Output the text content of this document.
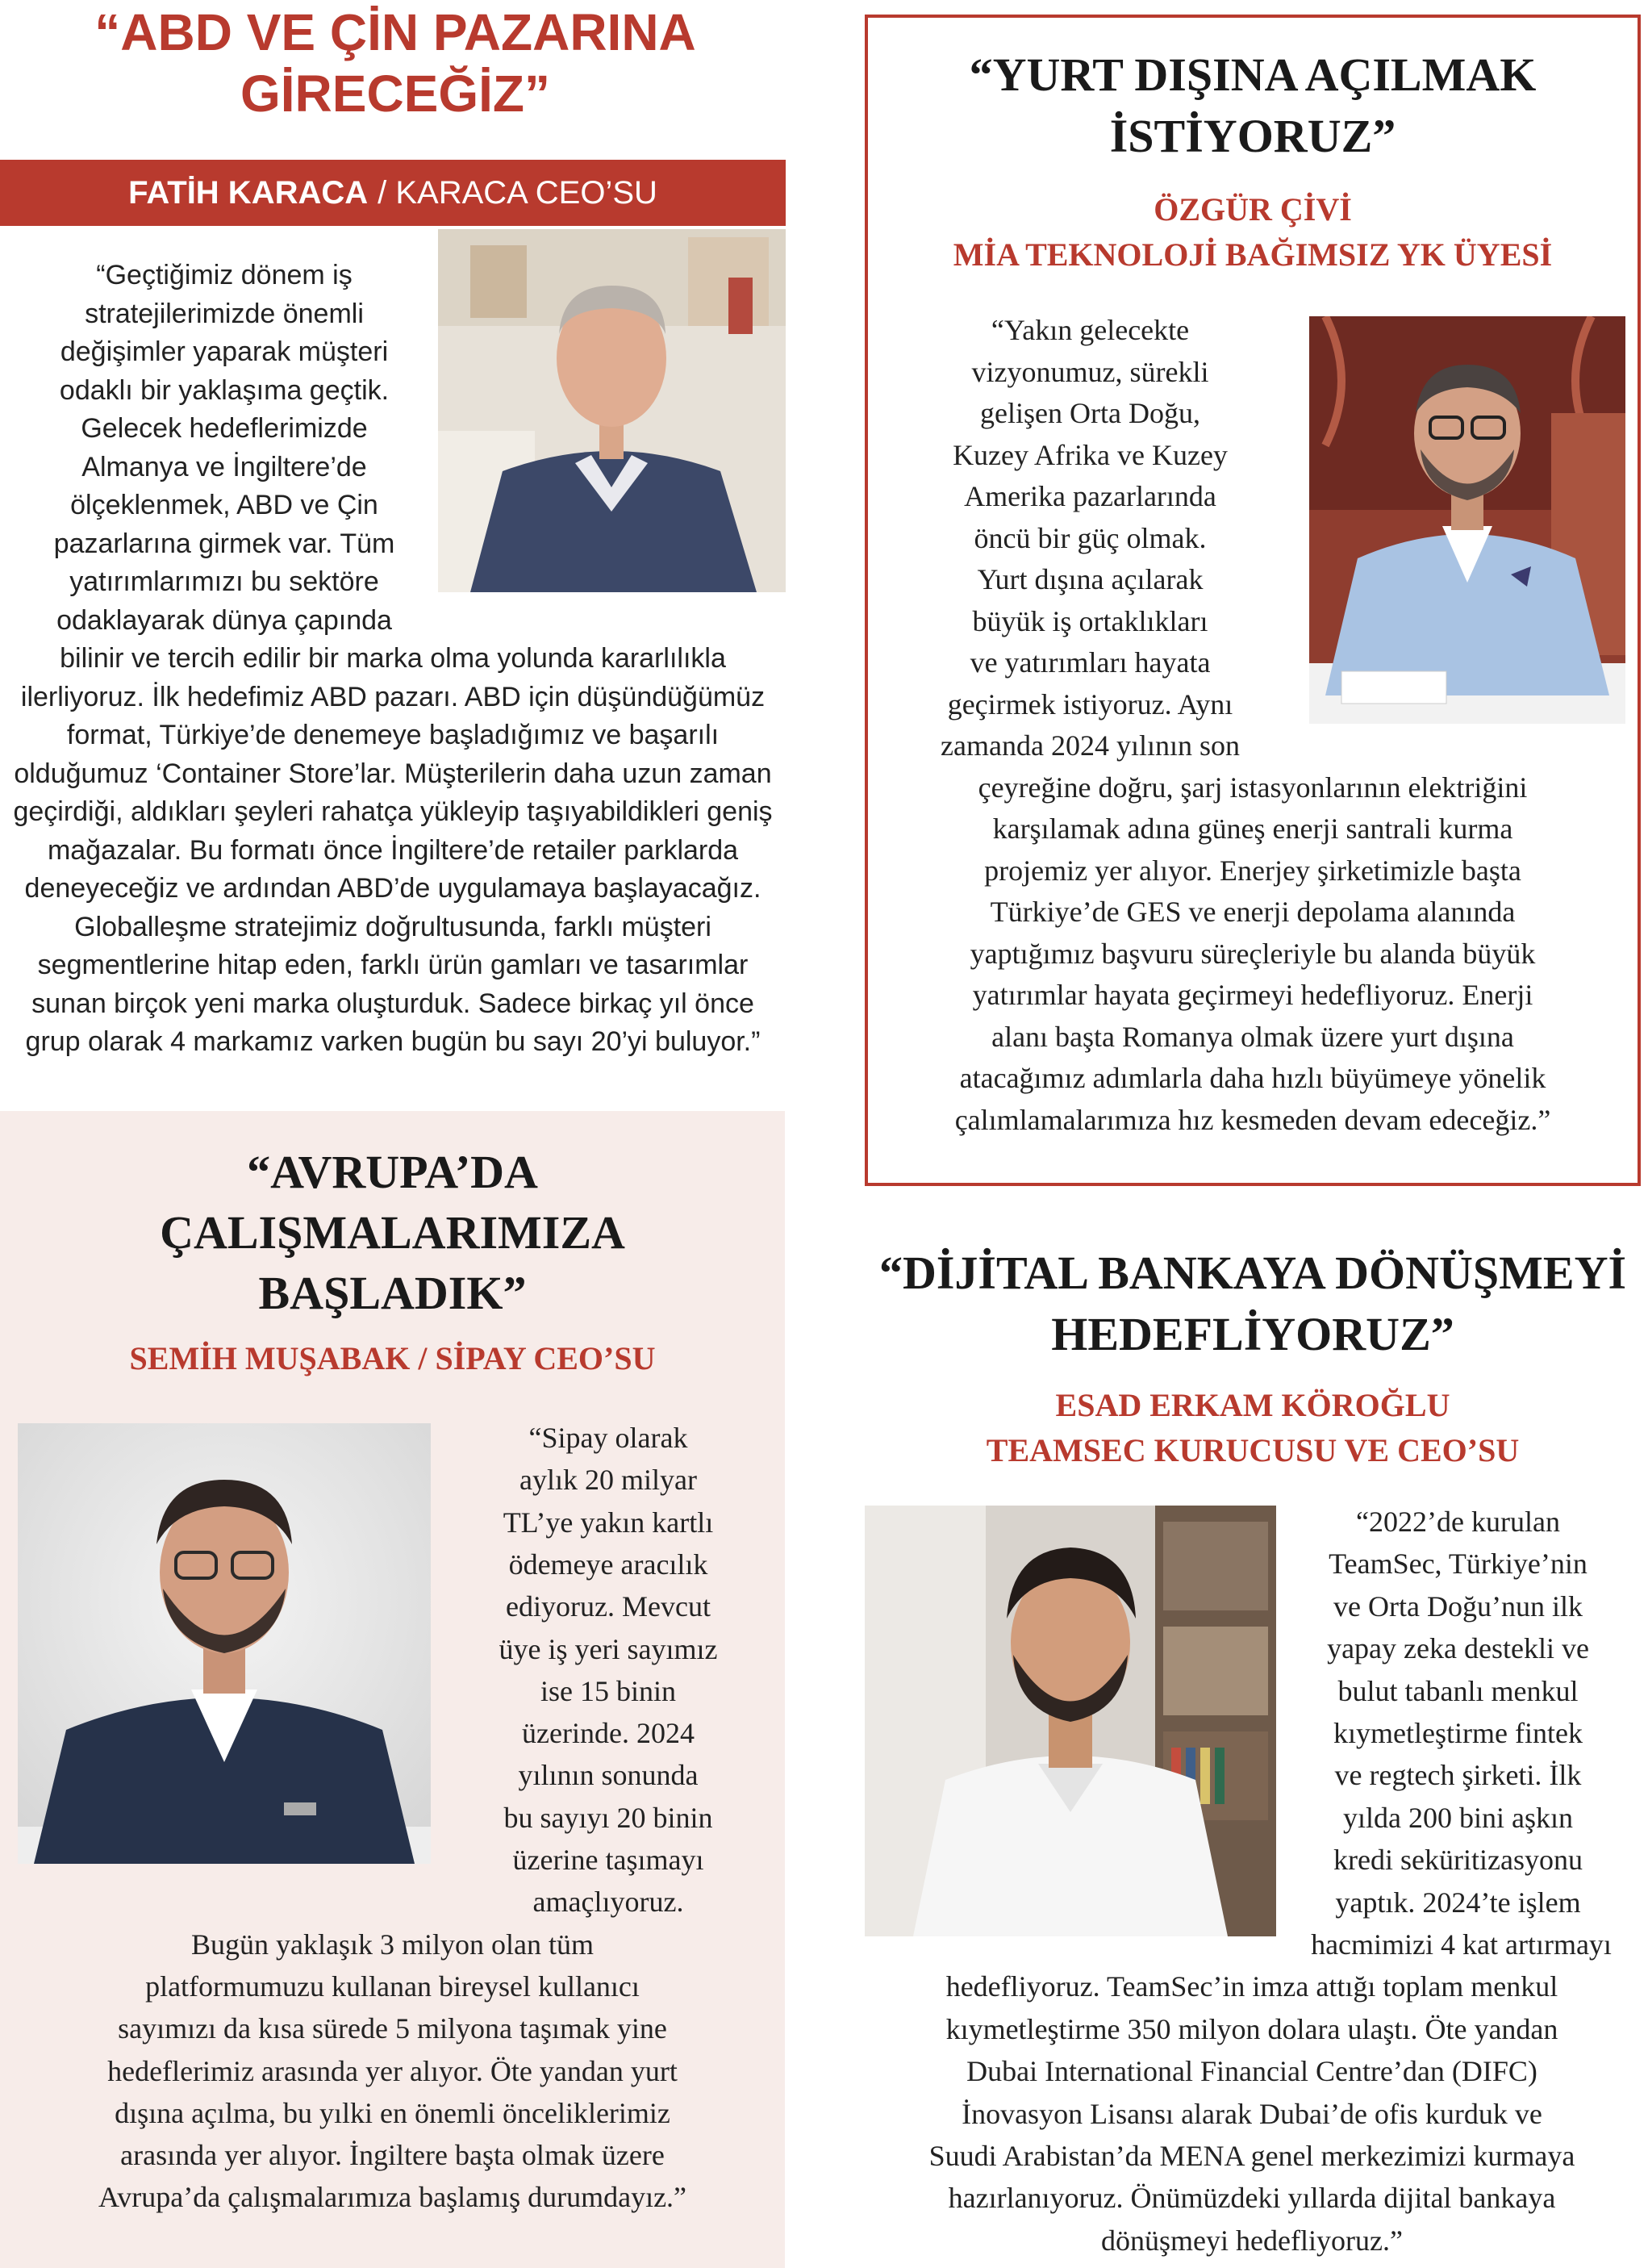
“ABD VE ÇİN PAZARINA
GİRECEĞİZ”
FATİH KARACA / KARACA CEO’SU
“Geçtiğimiz dönem iş
stratejilerimizde önemli
değişimler yaparak müşteri
odaklı bir yaklaşıma geçtik.
Gelecek hedeflerimizde
Almanya ve İngiltere’de
ölçeklenmek, ABD ve Çin
pazarlarına girmek var. Tüm
yatırımlarımızı bu sektöre
odaklayarak dünya çapında
bilinir ve tercih edilir bir marka olma yolunda kararlılıkla
ilerliyoruz. İlk hedefimiz ABD pazarı. ABD için düşündüğümüz
format, Türkiye’de denemeye başladığımız ve başarılı
olduğumuz ‘Container Store’lar. Müşterilerin daha uzun zaman
geçirdiği, aldıkları şeyleri rahatça yükleyip taşıyabildikleri geniş
mağazalar. Bu formatı önce İngiltere’de retailer parklarda
deneyeceğiz ve ardından ABD’de uygulamaya başlayacağız.
Globalleşme stratejimiz doğrultusunda, farklı müşteri
segmentlerine hitap eden, farklı ürün gamları ve tasarımlar
sunan birçok yeni marka oluşturduk. Sadece birkaç yıl önce
grup olarak 4 markamız varken bugün bu sayı 20’yi buluyor.”
“YURT DIŞINA AÇILMAK
İSTİYORUZ”
ÖZGÜR ÇİVİ
MİA TEKNOLOJİ BAĞIMSIZ YK ÜYESİ
“Yakın gelecekte
vizyonumuz, sürekli
gelişen Orta Doğu,
Kuzey Afrika ve Kuzey
Amerika pazarlarında
öncü bir güç olmak.
Yurt dışına açılarak
büyük iş ortaklıkları
ve yatırımları hayata
geçirmek istiyoruz. Aynı
zamanda 2024 yılının son
çeyreğine doğru, şarj istasyonlarının elektriğini
karşılamak adına güneş enerji santrali kurma
projemiz yer alıyor. Enerjey şirketimizle başta
Türkiye’de GES ve enerji depolama alanında
yaptığımız başvuru süreçleriyle bu alanda büyük
yatırımlar hayata geçirmeyi hedefliyoruz. Enerji
alanı başta Romanya olmak üzere yurt dışına
atacağımız adımlarla daha hızlı büyümeye yönelik
çalımlamalarımıza hız kesmeden devam edeceğiz.”
“AVRUPA’DA
ÇALIŞMALARIMIZA
BAŞLADIK”
SEMİH MUŞABAK / SİPAY CEO’SU
“Sipay olarak
aylık 20 milyar
TL’ye yakın kartlı
ödemeye aracılık
ediyoruz. Mevcut
üye iş yeri sayımız
ise 15 binin
üzerinde. 2024
yılının sonunda
bu sayıyı 20 binin
üzerine taşımayı
amaçlıyoruz.
Bugün yaklaşık 3 milyon olan tüm
platformumuzu kullanan bireysel kullanıcı
sayımızı da kısa sürede 5 milyona taşımak yine
hedeflerimiz arasında yer alıyor. Öte yandan yurt
dışına açılma, bu yılki en önemli önceliklerimiz
arasında yer alıyor. İngiltere başta olmak üzere
Avrupa’da çalışmalarımıza başlamış durumdayız.”
“DİJİTAL BANKAYA DÖNÜŞMEYİ
HEDEFLİYORUZ”
ESAD ERKAM KÖROĞLU
TEAMSEC KURUCUSU VE CEO’SU
“2022’de kurulan
TeamSec, Türkiye’nin
ve Orta Doğu’nun ilk
yapay zeka destekli ve
bulut tabanlı menkul
kıymetleştirme fintek
ve regtech şirketi. İlk
yılda 200 bini aşkın
kredi seküritizasyonu
yaptık. 2024’te işlem
hacmimizi 4 kat artırmayı
hedefliyoruz. TeamSec’in imza attığı toplam menkul
kıymetleştirme 350 milyon dolara ulaştı. Öte yandan
Dubai International Financial Centre’dan (DIFC)
İnovasyon Lisansı alarak Dubai’de ofis kurduk ve
Suudi Arabistan’da MENA genel merkezimizi kurmaya
hazırlanıyoruz. Önümüzdeki yıllarda dijital bankaya
dönüşmeyi hedefliyoruz.”
